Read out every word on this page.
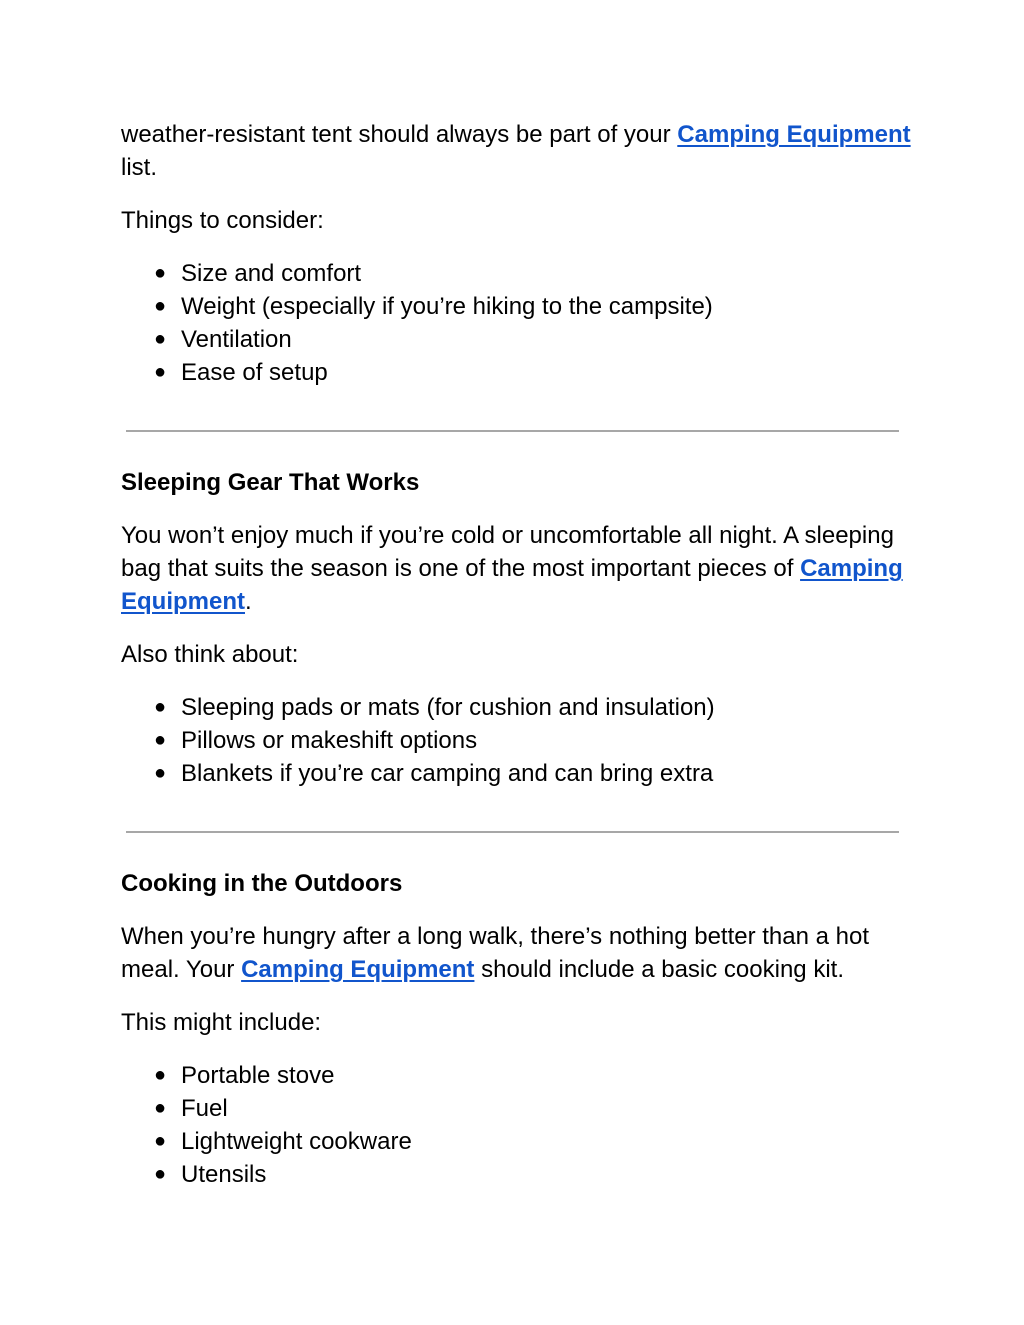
weather-resistant tent should always be part of your Camping Equipment list.

Things to consider:

● Size and comfort
● Weight (especially if you’re hiking to the campsite)
● Ventilation
● Ease of setup
Sleeping Gear That Works

You won’t enjoy much if you’re cold or uncomfortable all night. A sleeping bag that suits the season is one of the most important pieces of Camping Equipment.

Also think about:

● Sleeping pads or mats (for cushion and insulation)
● Pillows or makeshift options
● Blankets if you’re car camping and can bring extra
Cooking in the Outdoors

When you’re hungry after a long walk, there’s nothing better than a hot meal. Your Camping Equipment should include a basic cooking kit.

This might include:

● Portable stove
● Fuel
● Lightweight cookware
● Utensils
